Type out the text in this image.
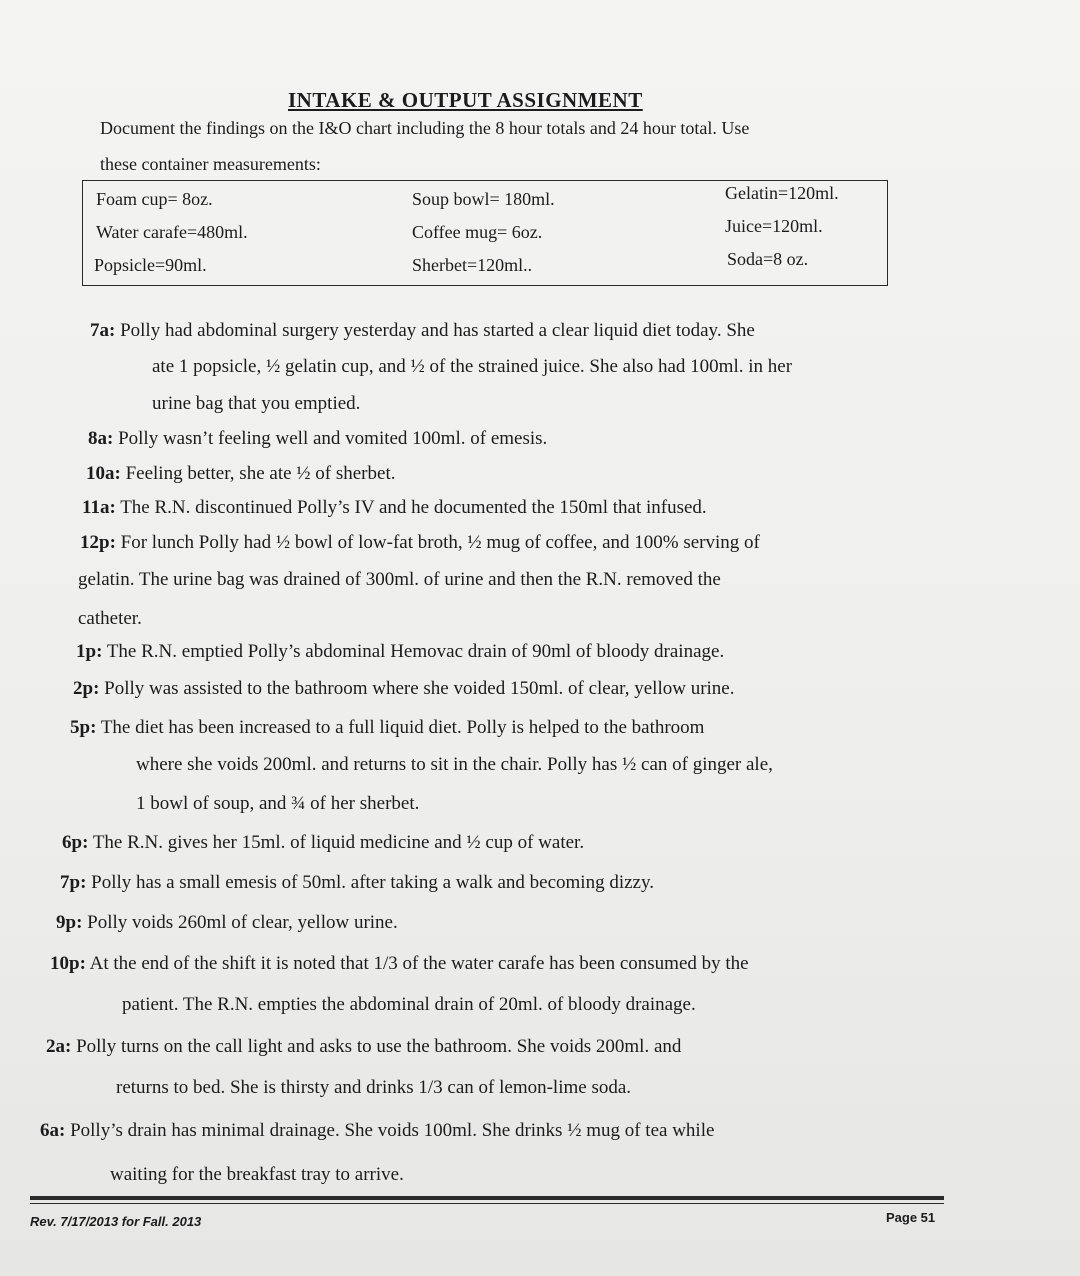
INTAKE & OUTPUT ASSIGNMENT
Document the findings on the I&O chart including the 8 hour totals and 24 hour total. Use
these container measurements:
Foam cup= 8oz.	Soup bowl= 180ml.	Gelatin=120ml.
Water carafe=480ml.	Coffee mug= 6oz.	Juice=120ml.
Popsicle=90ml.	Sherbet=120ml..	Soda=8 oz.
7a: Polly had abdominal surgery yesterday and has started a clear liquid diet today. She
ate 1 popsicle, ½ gelatin cup, and ½ of the strained juice. She also had 100ml. in her
urine bag that you emptied.
8a: Polly wasn’t feeling well and vomited 100ml. of emesis.
10a: Feeling better, she ate ½ of sherbet.
11a: The R.N. discontinued Polly’s IV and he documented the 150ml that infused.
12p: For lunch Polly had ½ bowl of low-fat broth, ½ mug of coffee, and 100% serving of
gelatin. The urine bag was drained of 300ml. of urine and then the R.N. removed the
catheter.
1p: The R.N. emptied Polly’s abdominal Hemovac drain of 90ml of bloody drainage.
2p: Polly was assisted to the bathroom where she voided 150ml. of clear, yellow urine.
5p: The diet has been increased to a full liquid diet. Polly is helped to the bathroom
where she voids 200ml. and returns to sit in the chair. Polly has ½ can of ginger ale,
1 bowl of soup, and ¾ of her sherbet.
6p: The R.N. gives her 15ml. of liquid medicine and ½ cup of water.
7p: Polly has a small emesis of 50ml. after taking a walk and becoming dizzy.
9p: Polly voids 260ml of clear, yellow urine.
10p: At the end of the shift it is noted that 1/3 of the water carafe has been consumed by the
patient. The R.N. empties the abdominal drain of 20ml. of bloody drainage.
2a: Polly turns on the call light and asks to use the bathroom. She voids 200ml. and
returns to bed. She is thirsty and drinks 1/3 can of lemon-lime soda.
6a: Polly’s drain has minimal drainage. She voids 100ml. She drinks ½ mug of tea while
waiting for the breakfast tray to arrive.
Rev. 7/17/2013 for Fall. 2013	Page 51
